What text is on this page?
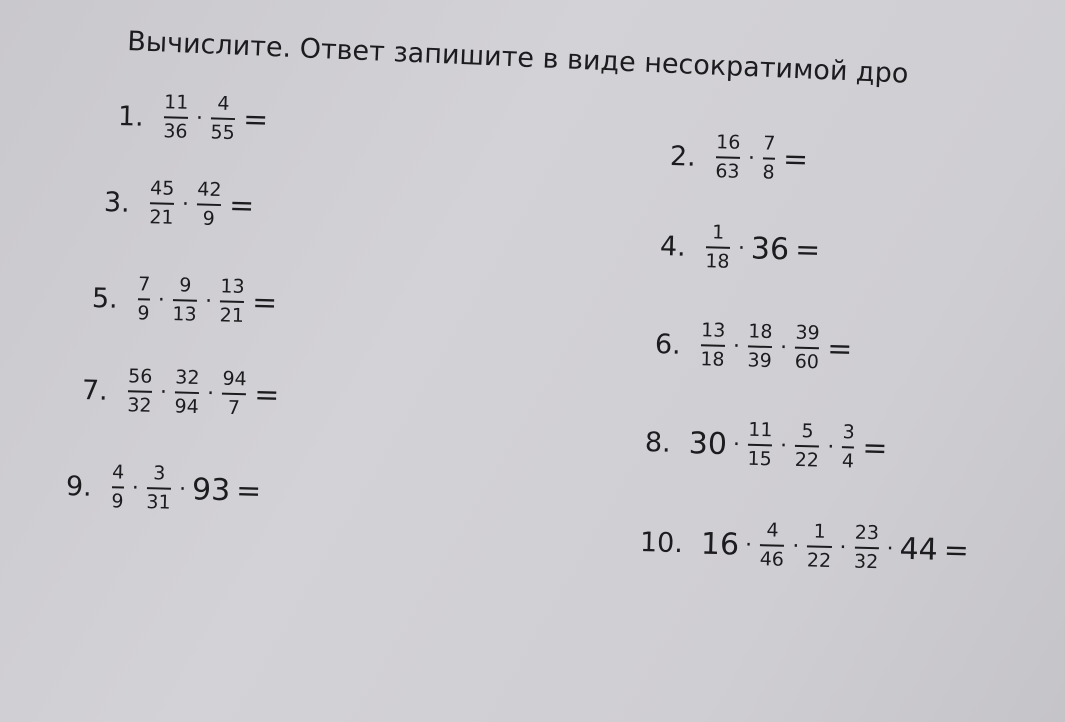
Вычислите. Ответ запишите в виде несократимой дро
1. $\frac{11}{36} \cdot \frac{4}{55}$ =
2. $\frac{16}{63} \cdot \frac{7}{8}$ =
3. $\frac{45}{21} \cdot \frac{42}{9}$ =
4. $\frac{1}{18} \cdot 36$ =
5. $\frac{7}{9} \cdot \frac{9}{13} \cdot \frac{13}{21}$ =
6. $\frac{13}{18} \cdot \frac{18}{39} \cdot \frac{39}{60}$ =
7. $\frac{56}{32} \cdot \frac{32}{94} \cdot \frac{94}{7}$ =
8. $30 \cdot \frac{11}{15} \cdot \frac{5}{22} \cdot \frac{3}{4}$ =
9. $\frac{4}{9} \cdot \frac{3}{31} \cdot 93$ =
10. $16 \cdot \frac{4}{46} \cdot \frac{1}{22} \cdot \frac{23}{32} \cdot 44$ =
